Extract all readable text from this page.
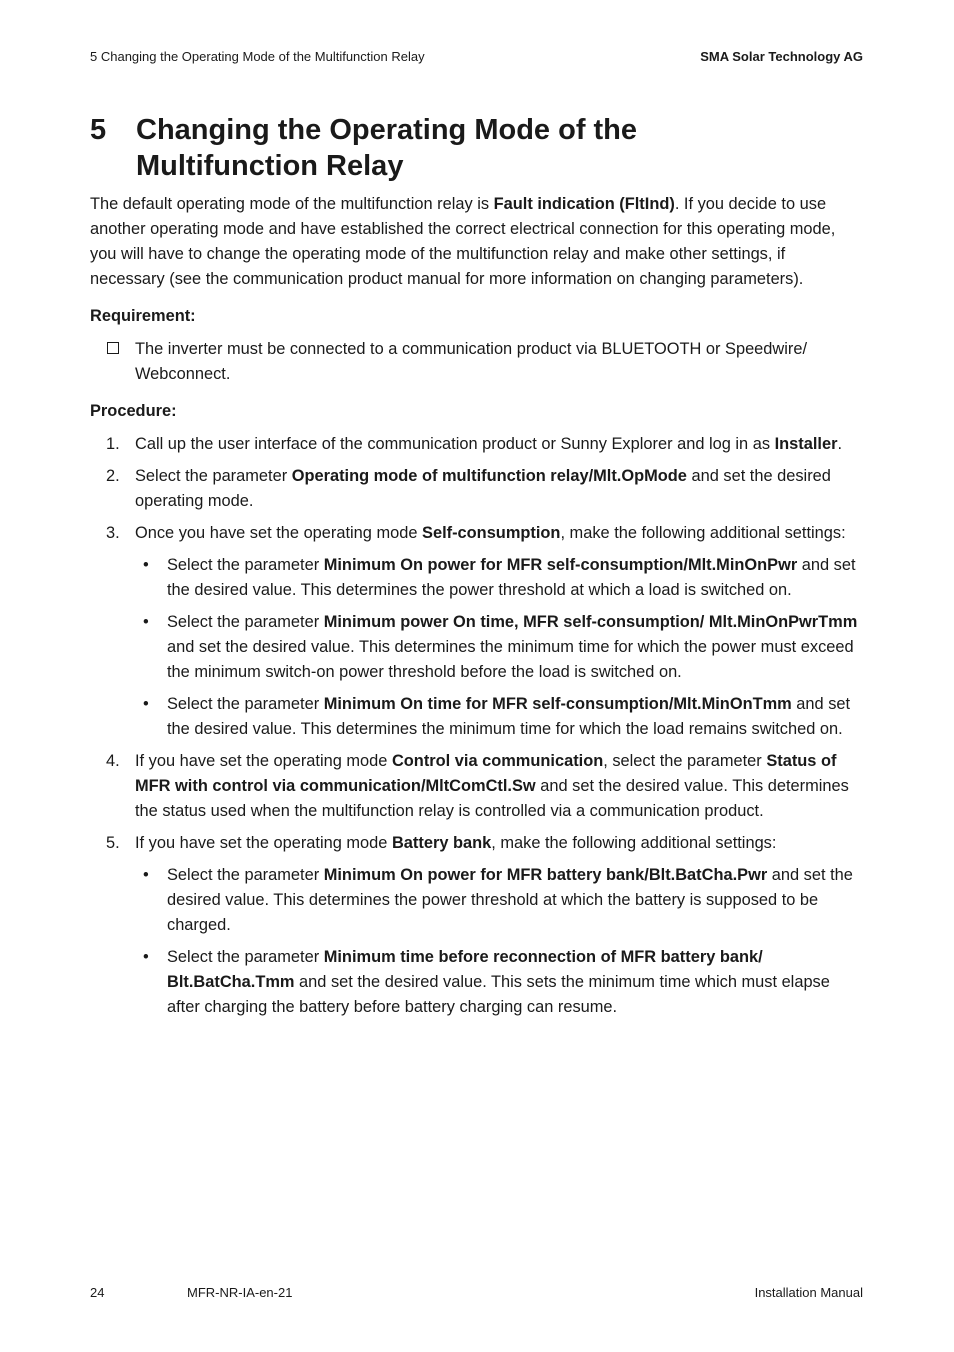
5 Changing the Operating Mode of the Multifunction Relay	SMA Solar Technology AG
5 Changing the Operating Mode of the Multifunction Relay

The default operating mode of the multifunction relay is Fault indication (FltInd). If you decide to use another operating mode and have established the correct electrical connection for this operating mode, you will have to change the operating mode of the multifunction relay and make other settings, if necessary (see the communication product manual for more information on changing parameters).

Requirement:
The inverter must be connected to a communication product via BLUETOOTH or Speedwire/ Webconnect.
Procedure:
1. Call up the user interface of the communication product or Sunny Explorer and log in as Installer.
2. Select the parameter Operating mode of multifunction relay/Mlt.OpMode and set the desired operating mode.
3. Once you have set the operating mode Self-consumption, make the following additional settings:
• Select the parameter Minimum On power for MFR self-consumption/Mlt.MinOnPwr and set the desired value. This determines the power threshold at which a load is switched on.
• Select the parameter Minimum power On time, MFR self-consumption/ Mlt.MinOnPwrTmm and set the desired value. This determines the minimum time for which the power must exceed the minimum switch-on power threshold before the load is switched on.
• Select the parameter Minimum On time for MFR self-consumption/Mlt.MinOnTmm and set the desired value. This determines the minimum time for which the load remains switched on.
4. If you have set the operating mode Control via communication, select the parameter Status of MFR with control via communication/MltComCtl.Sw and set the desired value. This determines the status used when the multifunction relay is controlled via a communication product.
5. If you have set the operating mode Battery bank, make the following additional settings:
• Select the parameter Minimum On power for MFR battery bank/Blt.BatCha.Pwr and set the desired value. This determines the power threshold at which the battery is supposed to be charged.
• Select the parameter Minimum time before reconnection of MFR battery bank/ Blt.BatCha.Tmm and set the desired value. This sets the minimum time which must elapse after charging the battery before battery charging can resume.
24	MFR-NR-IA-en-21	Installation Manual
